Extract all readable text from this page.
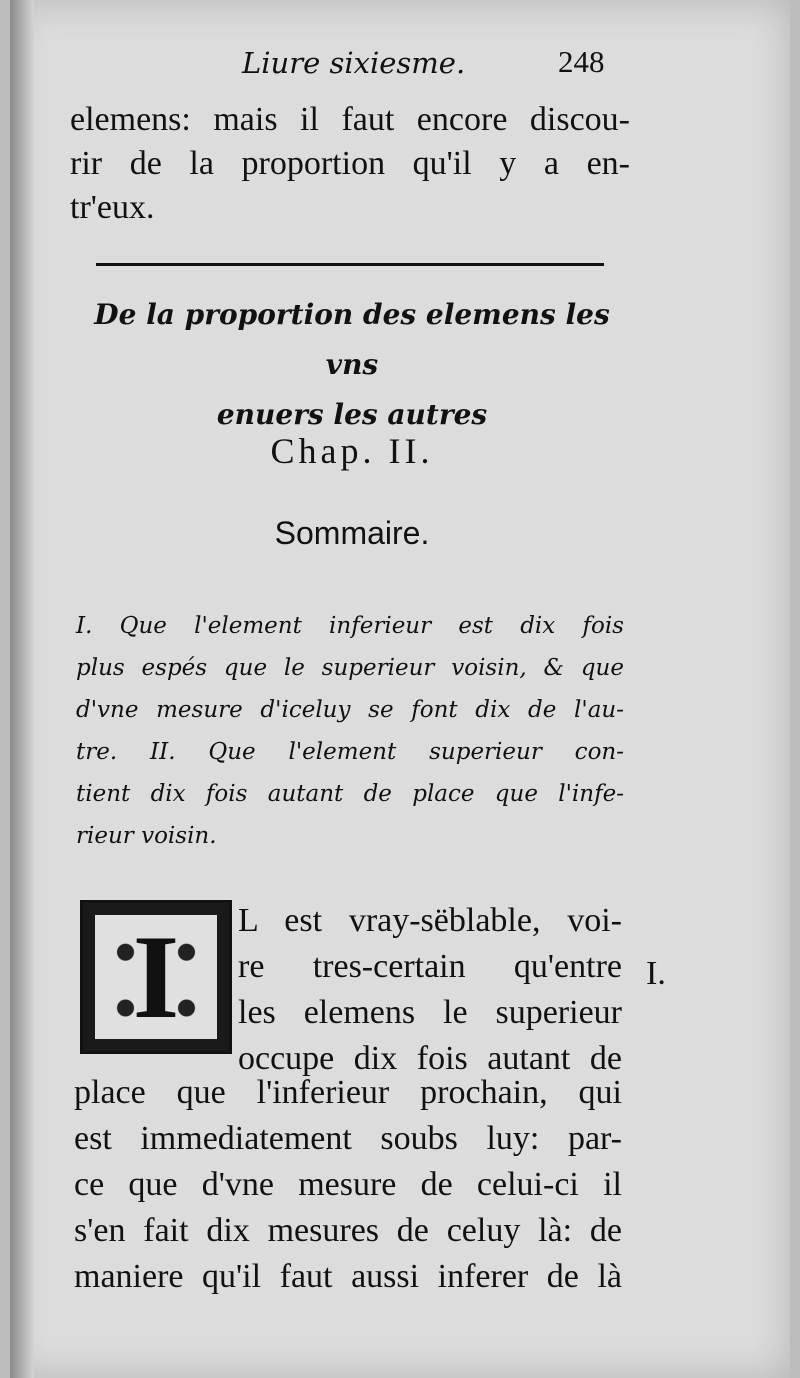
Liure sixiesme.	248
elemens: mais il faut encore discou-
rir de la proportion qu'il y a en-
tr'eux.
De la proportion des elemens les vns
enuers les autres
Chap. II.
Sommaire.
I. Que l'element inferieur est dix fois
plus espés que le superieur voisin, & que
d'vne mesure d'iceluy se font dix de l'au-
tre. II. Que l'element superieur con-
tient dix fois autant de place que l'infe-
rieur voisin.
I L est vray-sëblable, voi-
re tres-certain qu'entre
les elemens le superieur
occupe dix fois autant de
place que l'inferieur prochain, qui
est immediatement soubs luy: par-
ce que d'vne mesure de celui-ci il
s'en fait dix mesures de celuy là: de
maniere qu'il faut aussi inferer de là
I.
